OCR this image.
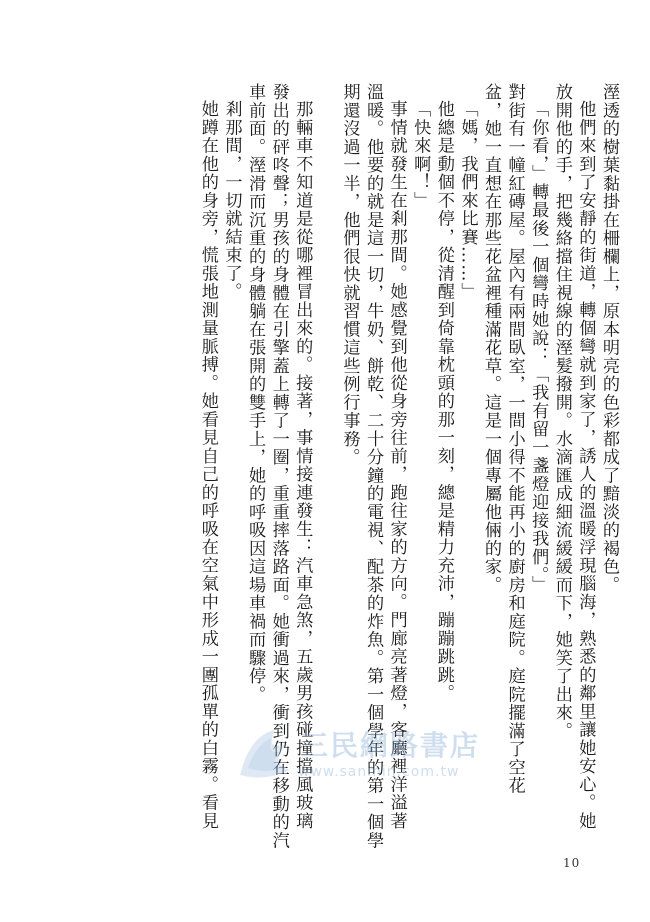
溼透的樹葉黏掛在柵欄上，原本明亮的色彩都成了黯淡的褐色。

他們來到了安靜的街道，轉個彎就到家了，誘人的溫暖浮現腦海，熟悉的鄰里讓她安心。她

放開他的手，把幾絡擋住視線的溼髮撥開。水滴匯成細流緩緩而下，她笑了出來。

「你看，」轉最後一個彎時她說：「我有留一盞燈迎接我們。」

對街有一幢紅磚屋。屋內有兩間臥室，一間小得不能再小的廚房和庭院。庭院擺滿了空花

盆，她一直想在那些花盆裡種滿花草。這是一個專屬他倆的家。

「媽，我們來比賽……」

他總是動個不停，從清醒到倚靠枕頭的那一刻，總是精力充沛，蹦蹦跳跳。

「快來啊！」

事情就發生在剎那間。她感覺到他從身旁往前，跑往家的方向。門廊亮著燈，客廳裡洋溢著

溫暖。他要的就是這一切，牛奶、餅乾、二十分鐘的電視、配茶的炸魚。第一個學年的第一個學

期還沒過一半，他們很快就習慣這些例行事務。

那輛車不知道是從哪裡冒出來的。接著，事情接連發生：汽車急煞，五歲男孩碰撞擋風玻璃

發出的砰咚聲；男孩的身體在引擎蓋上轉了一圈，重重摔落路面。她衝過來，衝到仍在移動的汽

車前面。溼滑而沉重的身體躺在張開的雙手上，她的呼吸因這場車禍而驟停。

剎那間，一切就結束了。

她蹲在他的身旁，慌張地測量脈搏。她看見自己的呼吸在空氣中形成一團孤單的白霧。看見	三民網路書店
www.sanmin.com.tw
10
